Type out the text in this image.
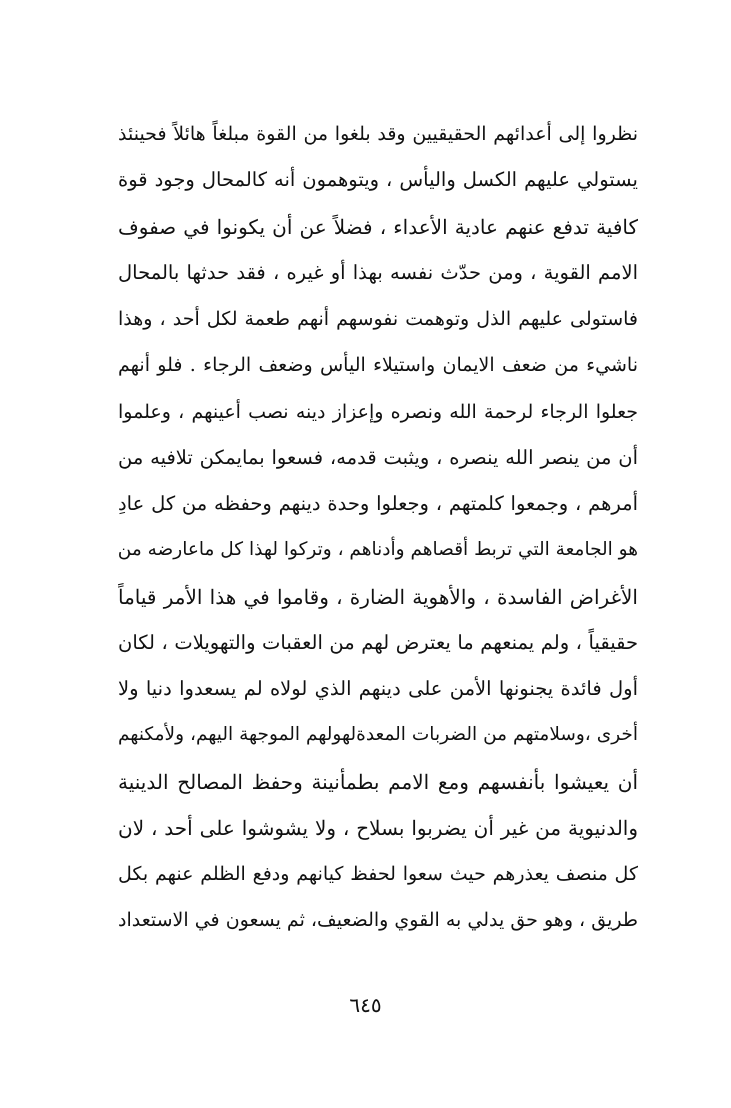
نظروا إلى أعدائهم الحقيقيين وقد بلغوا من القوة مبلغاً هائلاً فحينئذ
يستولي عليهم الكسل واليأس ، ويتوهمون أنه كالمحال وجود قوة
كافية تدفع عنهم عادية الأعداء ، فضلاً عن أن يكونوا في صفوف
الامم القوية ، ومن حدّث نفسه بهذا أو غيره ، فقد حدثها بالمحال
فاستولى عليهم الذل وتوهمت نفوسهم أنهم طعمة لكل أحد ، وهذا
ناشيء من ضعف الايمان واستيلاء اليأس وضعف الرجاء . فلو أنهم
جعلوا الرجاء لرحمة الله ونصره وإعزاز دينه نصب أعينهم ، وعلموا
أن من ينصر الله ينصره ، ويثبت قدمه، فسعوا بمايمكن تلافيه من
أمرهم ، وجمعوا كلمتهم ، وجعلوا وحدة دينهم وحفظه من كل عادِ
هو الجامعة التي تربط أقصاهم وأدناهم ، وتركوا لهذا كل ماعارضه من
الأغراض الفاسدة ، والأهوية الضارة ، وقاموا في هذا الأمر قياماً
حقيقياً ، ولم يمنعهم ما يعترض لهم من العقبات والتهويلات ، لكان
أول فائدة يجنونها الأمن على دينهم الذي لولاه لم يسعدوا دنيا ولا
أخرى ،وسلامتهم من الضربات المعدةلهولهم الموجهة اليهم، ولأمكنهم
أن يعيشوا بأنفسهم ومع الامم بطمأنينة وحفظ المصالح الدينية
والدنيوية من غير أن يضربوا بسلاح ، ولا يشوشوا على أحد ، لان
كل منصف يعذرهم حيث سعوا لحفظ كيانهم ودفع الظلم عنهم بكل
طريق ، وهو حق يدلي به القوي والضعيف، ثم يسعون في الاستعداد
٦٤٥
